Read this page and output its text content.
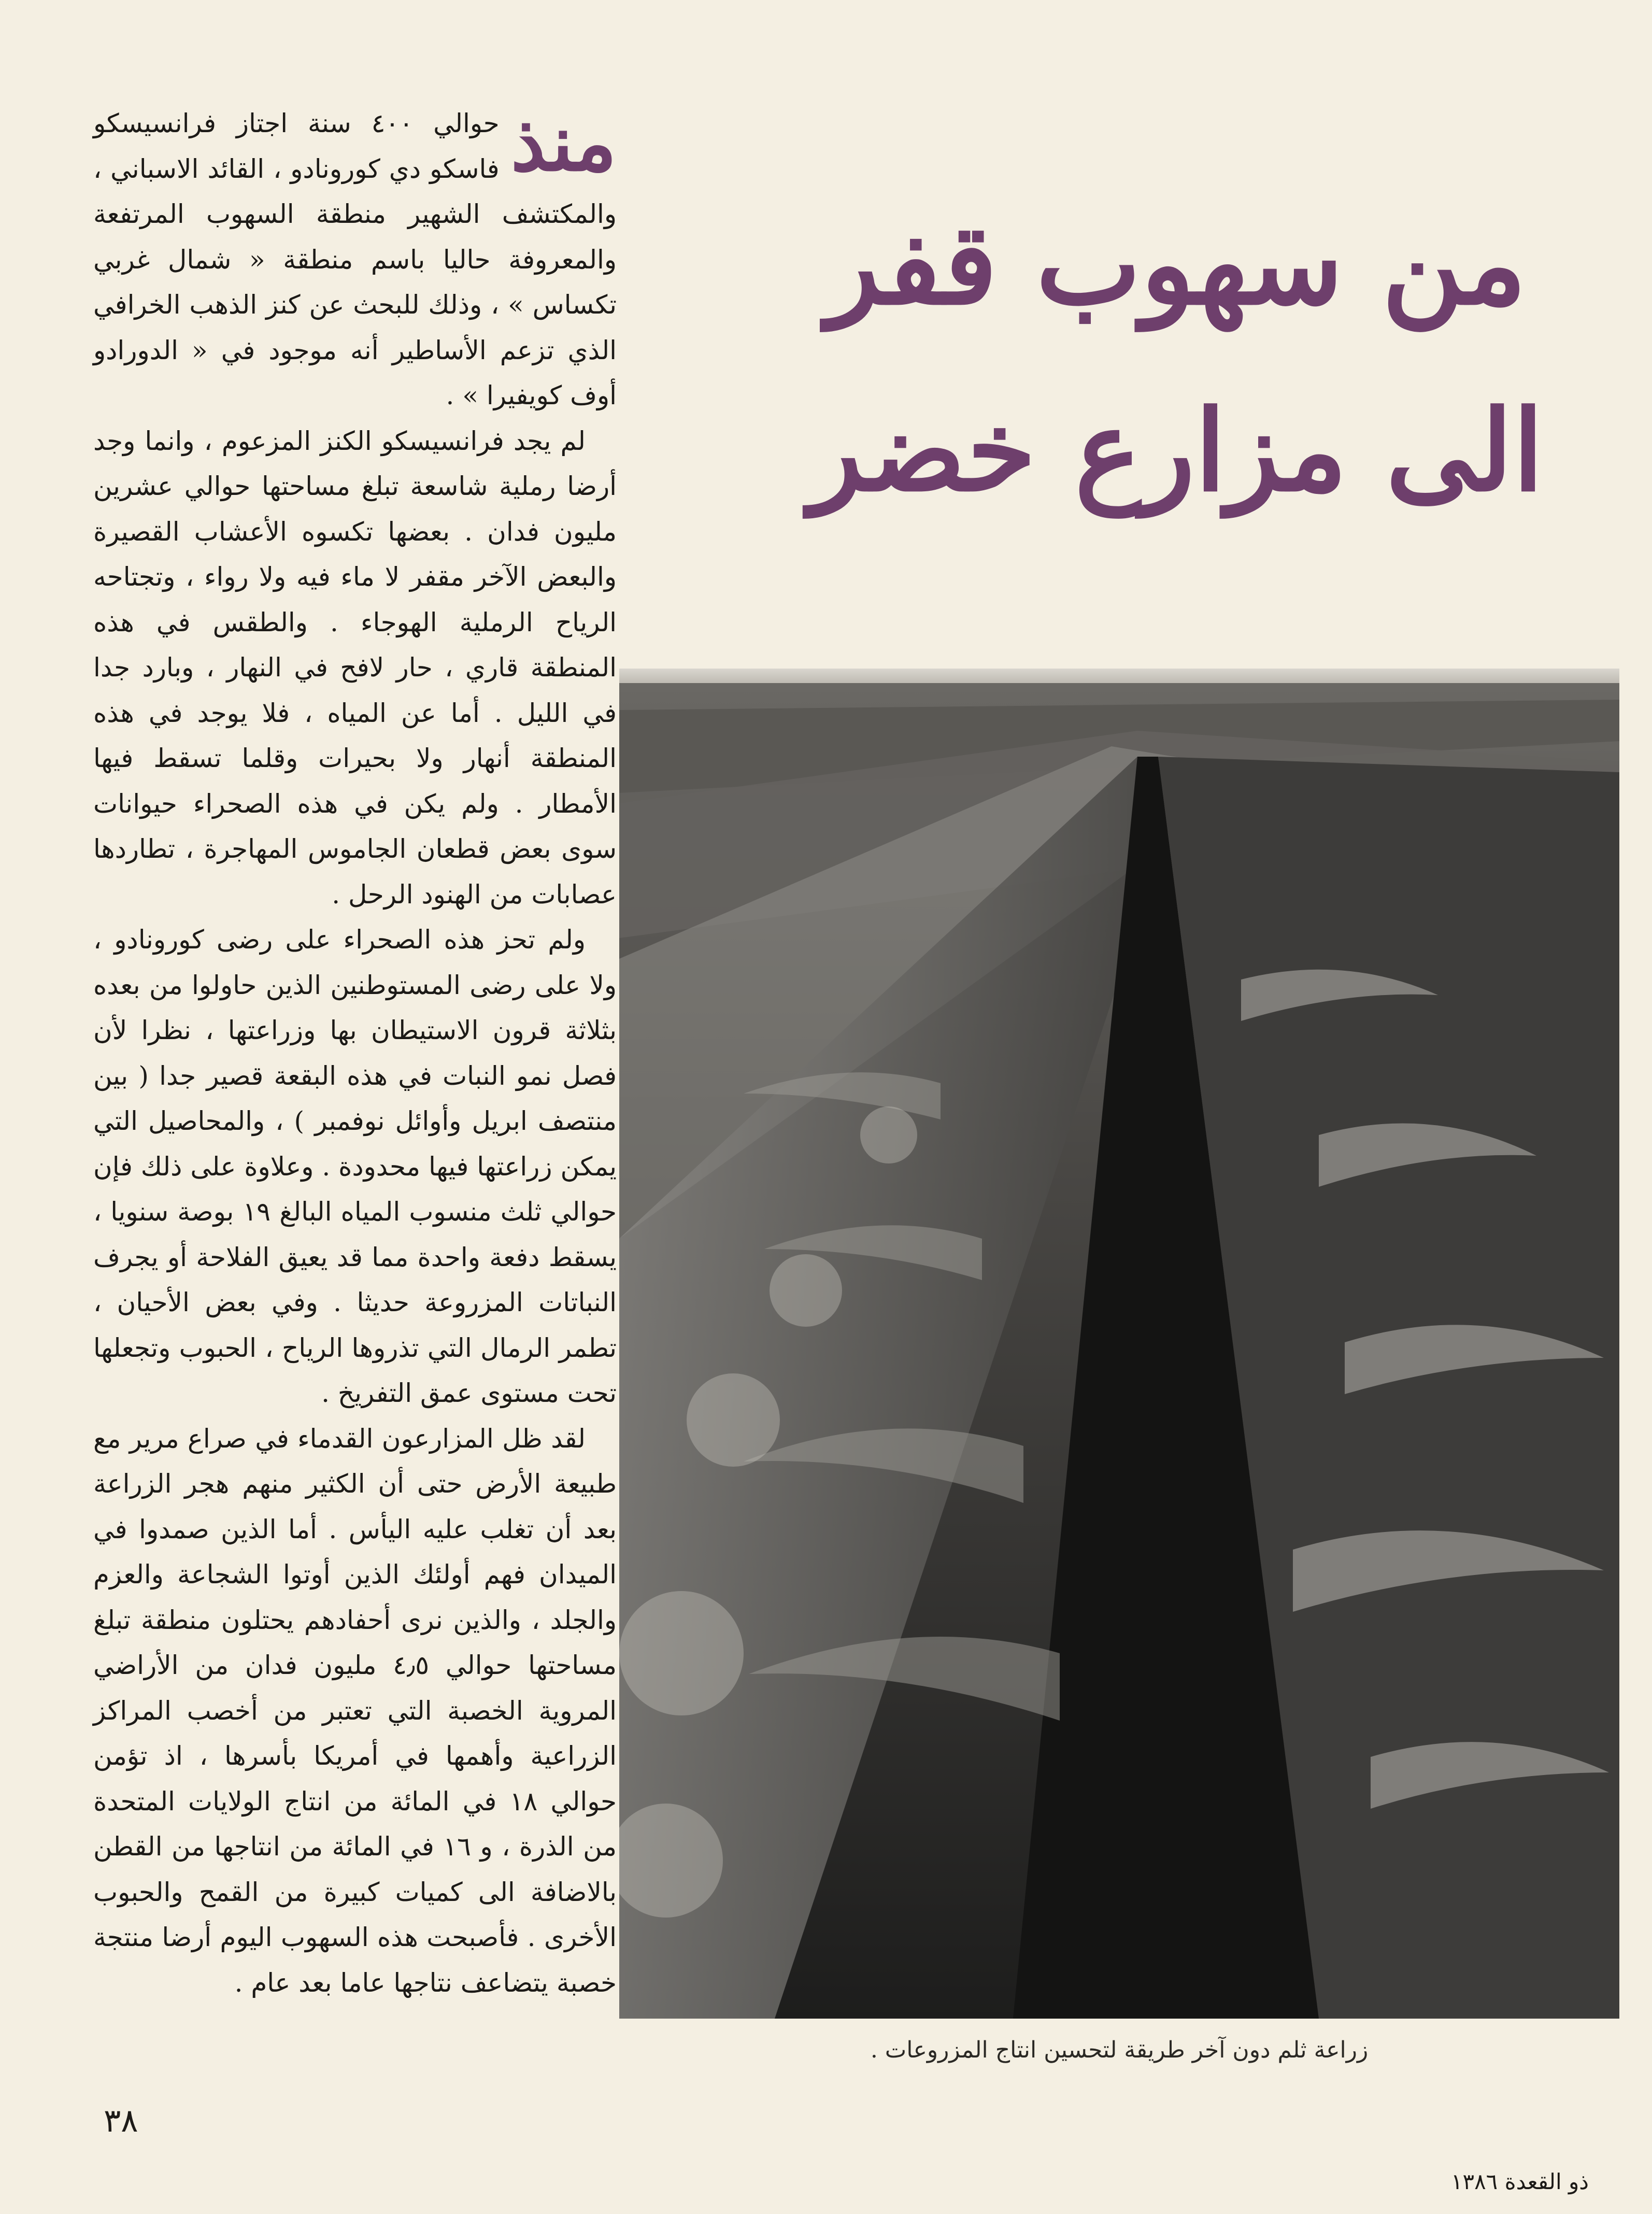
من سهوب قفر
الى مزارع خضر
زراعة ثلم دون آخر طريقة لتحسين انتاج المزروعات .

منذ
حوالي ٤٠٠ سنة اجتاز فرانسيسكو فاسكو دي كورونادو ، القائد الاسباني ، والمكتشف الشهير منطقة السهوب المرتفعة والمعروفة حاليا باسم منطقة « شمال غربي تكساس » ، وذلك للبحث عن كنز الذهب الخرافي الذي تزعم الأساطير أنه موجود في « الدورادو أوف كويفيرا » .

لم يجد فرانسيسكو الكنز المزعوم ، وانما وجد أرضا رملية شاسعة تبلغ مساحتها حوالي عشرين مليون فدان . بعضها تكسوه الأعشاب القصيرة والبعض الآخر مقفر لا ماء فيه ولا رواء ، وتجتاحه الرياح الرملية الهوجاء . والطقس في هذه المنطقة قاري ، حار لافح في النهار ، وبارد جدا في الليل . أما عن المياه ، فلا يوجد في هذه المنطقة أنهار ولا بحيرات وقلما تسقط فيها الأمطار . ولم يكن في هذه الصحراء حيوانات سوى بعض قطعان الجاموس المهاجرة ، تطاردها عصابات من الهنود الرحل .

ولم تحز هذه الصحراء على رضى كورونادو ، ولا على رضى المستوطنين الذين حاولوا من بعده بثلاثة قرون الاستيطان بها وزراعتها ، نظرا لأن فصل نمو النبات في هذه البقعة قصير جدا ( بين منتصف ابريل وأوائل نوفمبر ) ، والمحاصيل التي يمكن زراعتها فيها محدودة . وعلاوة على ذلك فإن حوالي ثلث منسوب المياه البالغ ١٩ بوصة سنويا ، يسقط دفعة واحدة مما قد يعيق الفلاحة أو يجرف النباتات المزروعة حديثا . وفي بعض الأحيان ، تطمر الرمال التي تذروها الرياح ، الحبوب وتجعلها تحت مستوى عمق التفريخ .

لقد ظل المزارعون القدماء في صراع مرير مع طبيعة الأرض حتى أن الكثير منهم هجر الزراعة بعد أن تغلب عليه اليأس . أما الذين صمدوا في الميدان فهم أولئك الذين أوتوا الشجاعة والعزم والجلد ، والذين نرى أحفادهم يحتلون منطقة تبلغ مساحتها حوالي ٤٫٥ مليون فدان من الأراضي المروية الخصبة التي تعتبر من أخصب المراكز الزراعية وأهمها في أمريكا بأسرها ، اذ تؤمن حوالي ١٨ في المائة من انتاج الولايات المتحدة من الذرة ، و ١٦ في المائة من انتاجها من القطن بالاضافة الى كميات كبيرة من القمح والحبوب الأخرى . فأصبحت هذه السهوب اليوم أرضا منتجة خصبة يتضاعف نتاجها عاما بعد عام .

٣٨
ذو القعدة ١٣٨٦
